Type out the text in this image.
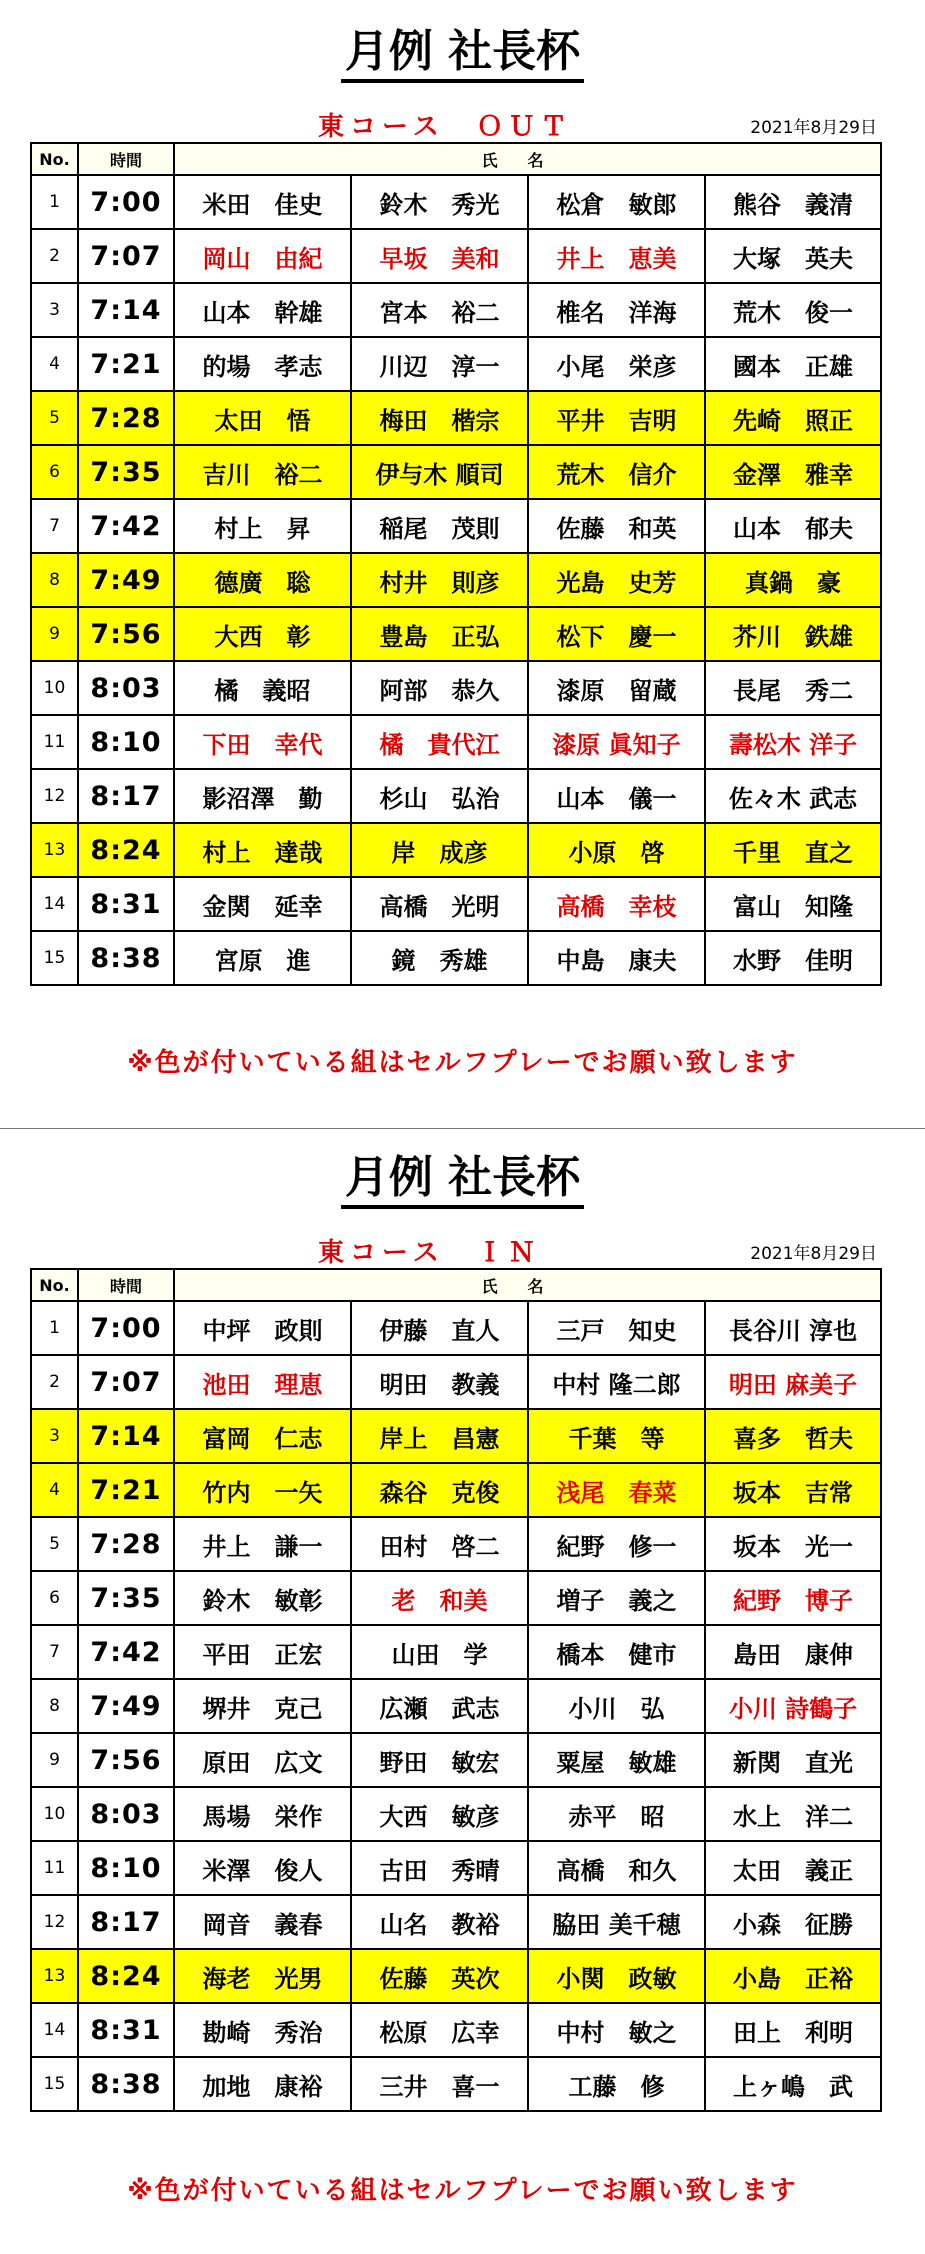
月例 社長杯
東コース　ＯＵＴ	2021年8月29日
No.	時間	氏名			
1	7:00	米田　佳史	鈴木　秀光	松倉　敏郎	熊谷　義清
2	7:07	岡山　由紀	早坂　美和	井上　恵美	大塚　英夫
3	7:14	山本　幹雄	宮本　裕二	椎名　洋海	荒木　俊一
4	7:21	的場　孝志	川辺　淳一	小尾　栄彦	國本　正雄
5	7:28	太田　悟	梅田　楷宗	平井　吉明	先崎　照正
6	7:35	吉川　裕二	伊与木 順司	荒木　信介	金澤　雅幸
7	7:42	村上　昇	稲尾　茂則	佐藤　和英	山本　郁夫
8	7:49	德廣　聡	村井　則彦	光島　史芳	真鍋　豪
9	7:56	大西　彰	豊島　正弘	松下　慶一	芥川　鉄雄
10	8:03	橘　義昭	阿部　恭久	漆原　留蔵	長尾　秀二
11	8:10	下田　幸代	橘　貴代江	漆原 眞知子	壽松木 洋子
12	8:17	影沼澤　勤	杉山　弘治	山本　儀一	佐々木 武志
13	8:24	村上　達哉	岸　成彦	小原　啓	千里　直之
14	8:31	金関　延幸	高橋　光明	高橋　幸枝	富山　知隆
15	8:38	宮原　進	鏡　秀雄	中島　康夫	水野　佳明
※色が付いている組はセルフプレーでお願い致します
月例 社長杯
東コース　ＩＮ	2021年8月29日
No.	時間	氏名			
1	7:00	中坪　政則	伊藤　直人	三戸　知史	長谷川 淳也
2	7:07	池田　理恵	明田　教義	中村 隆二郎	明田 麻美子
3	7:14	富岡　仁志	岸上　昌憲	千葉　等	喜多　哲夫
4	7:21	竹内　一矢	森谷　克俊	浅尾　春菜	坂本　吉常
5	7:28	井上　謙一	田村　啓二	紀野　修一	坂本　光一
6	7:35	鈴木　敏彰	老　和美	増子　義之	紀野　博子
7	7:42	平田　正宏	山田　学	橋本　健市	島田　康伸
8	7:49	堺井　克己	広瀬　武志	小川　弘	小川 詩鶴子
9	7:56	原田　広文	野田　敏宏	粟屋　敏雄	新関　直光
10	8:03	馬場　栄作	大西　敏彦	赤平　昭	水上　洋二
11	8:10	米澤　俊人	古田　秀晴	高橋　和久	太田　義正
12	8:17	岡音　義春	山名　教裕	脇田 美千穂	小森　征勝
13	8:24	海老　光男	佐藤　英次	小関　政敏	小島　正裕
14	8:31	勘崎　秀治	松原　広幸	中村　敏之	田上　利明
15	8:38	加地　康裕	三井　喜一	工藤　修	上ヶ嶋　武
※色が付いている組はセルフプレーでお願い致します
